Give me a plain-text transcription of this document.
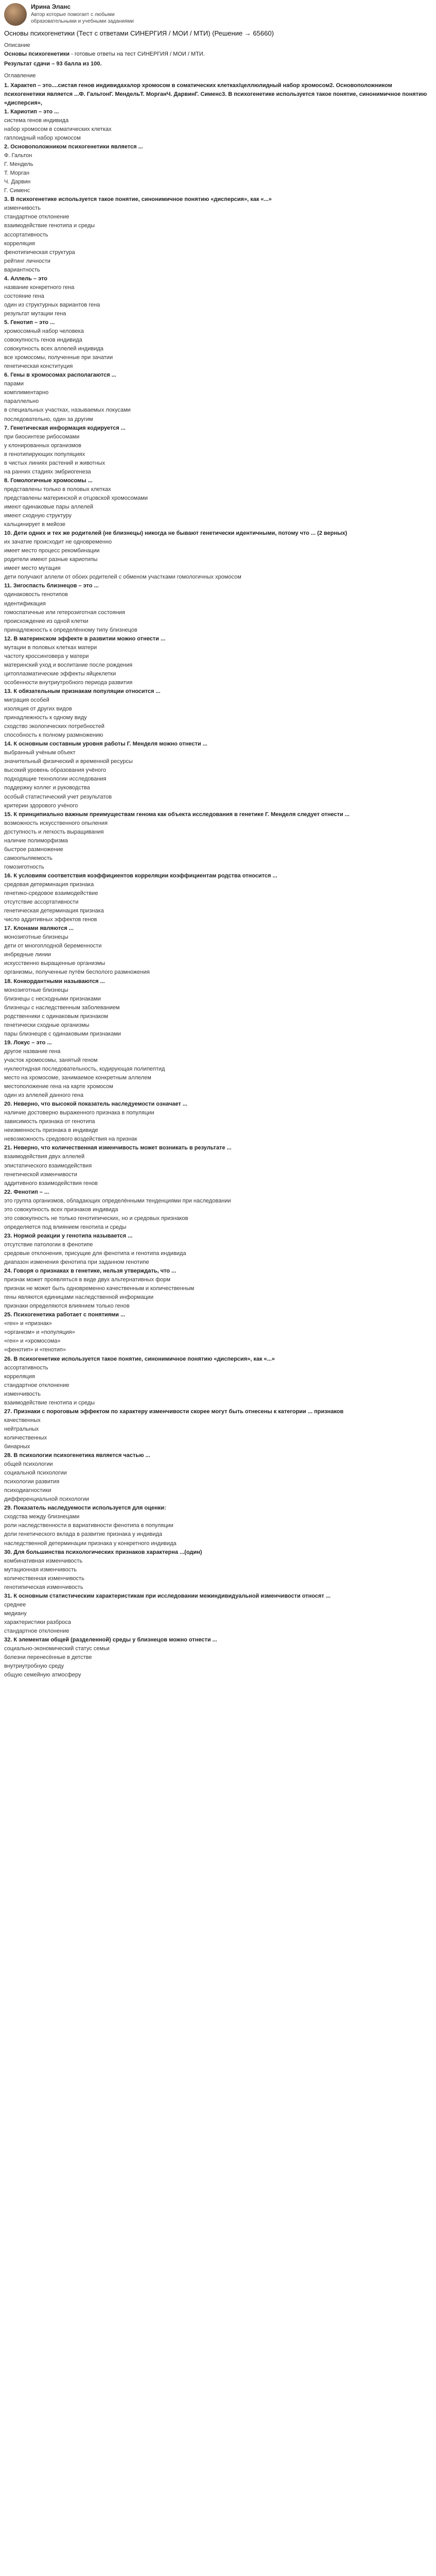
Ирина Эланс
Автор которые помогает с любыми образовательными и учебными заданиями
Основы психогенетики (Тест с ответами СИНЕРГИЯ / МОИ / МТИ) (Решение → 65660)

Описание

Основы психогенетики - готовые ответы на тест СИНЕРГИЯ / МОИ / МТИ.

Результат сдачи – 93 балла из 100.

Оглавление

1. Характеп – это....систая генов индивидахалор хромосом в соматических клетках/целлюлидный набор хромосом2. Основоположником психогенетики является ...Ф. ГальтонГ. МендельТ. МорганЧ. ДарвинГ. Сименс3. В психогенетике используется такое понятие, синонимичное понятию «дисперсия»,

1. Кариотип – это ...

система генов индивида

набор хромосом в соматических клетках

гаплоидный набор хромосом

2. Основоположником психогенетики является ...

Ф. Гальтон

Г. Мендель

Т. Морган

Ч. Дарвин

Г. Сименс

3. В психогенетике используется такое понятие, синонимичное понятию «дисперсия», как «...»

изменчивость

стандартное отклонение

взаимодействие генотипа и среды

ассортативность

корреляция

фенотипическая структура

рейтинг личности

вариантность

4. Аллель – это

название конкретного гена

состояние гена

один из структурных вариантов гена

результат мутации гена

5. Генотип – это ...

хромосомный набор человека

совокупность генов индивида

совокупность всех аллелей индивида

все хромосомы, полученные при зачатии

генетическая конституция

6. Гены в хромосомах располагаются ...

парами

комплиментарно

параллельно

в специальных участках, называемых локусами

последовательно, один за другим

7. Генетическая информация кодируется ...

при биосинтезе рибосомами

у клонированных организмов

в генотипирующих популяциях

в чистых линиях растений и животных

на ранних стадиях эмбриогенеза

8. Гомологичные хромосомы ...

представлены только в половых клетках

представлены материнской и отцовской хромосомами

имеют одинаковые пары аллелей

имеют сходную структуру

кальцинирует в мейозе

10. Дети одних и тех же родителей (не близнецы) никогда не бывают генетически идентичными, потому что ... (2 верных)

их зачатие происходит не одновременно

имеет место процесс рекомбинации

родители имеют разные кариотипы

имеет место мутация

дети получают аллели от обоих родителей с обменом участками гомологичных хромосом

11. Зигоспасть близнецов – это ...

одинаковость генотипов

идентификация

гомоспатичные или гетерозиготная состояния

происхождение из одной клетки

принадлежность к определённому типу близнецов

12. В материнском эффекте в развитии можно отнести ...

мутации в половых клетках матери

частоту кроссинговера у матери

материнский уход и воспитание после рождения

цитоплазматические эффекты яйцеклетки

особенности внутриутробного периода развития

13. К обязательным признакам популяции относится ...

миграция особей

изоляция от других видов

принадлежность к одному виду

сходство экологических потребностей

способность к полному размножению

14. К основным составным уровня работы Г. Менделя можно отнести ...

выбранный учёным объект

значительный физический и временной ресурсы

высокий уровень образования учёного

подходящие технологии исследования

поддержку коллег и руководства

особый статистический учет результатов

критерии здорового учёного

15. К принципиально важным преимуществам генома как объекта исследования в генетике Г. Менделя следует отнести ...

возможность искусственного опыления

доступность и легкость выращивания

наличие полиморфизма

быстрое размножение

самоопыляемость

гомозиготность

16. К условиям соответствия коэффициентов корреляции коэффициентам родства относится ...

средовая детерминация признака

генетико-средовое взаимодействие

отсутствие ассортативности

генетическая детерминация признака

число аддитивных эффектов генов

17. Клонами являются ...

монозиготные близнецы

дети от многоплодной беременности

инбредные линии

искусственно выращенные организмы

организмы, полученные путём бесполого размножения

18. Конкордантными называются ...

монозиготные близнецы

близнецы с несходными признаками

близнецы с наследственным заболеванием

родственники с одинаковым признаком

генетически сходные организмы

пары близнецов с одинаковыми признаками

19. Локус – это ...

другое название гена

участок хромосомы, занятый геном

нуклеотидная последовательность, кодирующая полипептид

место на хромосоме, занимаемое конкретным аллелем

местоположение гена на карте хромосом

один из аллелей данного гена

20. Неверно, что высокой показатель наследуемости означает ...

наличие достоверно выраженного признака в популяции

зависимость признака от генотипа

неизменность признака в индивиде

невозможность средового воздействия на признак

21. Неверно, что количественная изменчивость может возникать в результате ...

взаимодействия двух аллелей

эпистатического взаимодействия

генетической изменчивости

аддитивного взаимодействия генов

22. Фенотип – ...

это группа организмов, обладающих определёнными тенденциями при наследовании

это совокупность всех признаков индивида

это совокупность не только генотипических, но и средовых признаков

определяется под влиянием генотипа и среды

23. Нормой реакции у генотипа называется ...

отсутствие патологии в фенотипе

средовые отклонения, присущие для фенотипа и генотипа индивида

диапазон изменения фенотипа при заданном генотипе

24. Говоря о признаках в генетике, нельзя утверждать, что ...

признак может проявляться в виде двух альтернативных форм

признак не может быть одновременно качественным и количественным

гены являются единицами наследственной информации

признаки определяются влиянием только генов

25. Психогенетика работает с понятиями ...

«ген» и «признак»

«организм» и «популяция»

«ген» и «хромосома»

«фенотип» и «генотип»

26. В психогенетике используется такое понятие, синонимичное понятию «дисперсия», как «...»

ассортативность

корреляция

стандартное отклонение

изменчивость

взаимодействие генотипа и среды

27. Признаки с пороговым эффектом по характеру изменчивости скорее могут быть отнесены к категории ... признаков

качественных

нейтральных

количественных

бинарных

28. В психологии психогенетика является частью ...

общей психологии

социальной психологии

психологии развития

психодиагностики

дифференциальной психологии

29. Показатель наследуемости используется для оценки:

сходства между близнецами

роли наследственности в вариативности фенотипа в популяции

доли генетического вклада в развитие признака у индивида

наследственной детерминации признака у конкретного индивида

30. Для большинства психологических признаков характерна ...(один)

комбинативная изменчивость

мутационная изменчивость

количественная изменчивость

генотипическая изменчивость

31. К основным статистическим характеристикам при исследовании межиндивидуальной изменчивости относят ...

среднее

медиану

характеристики разброса

стандартное отклонение

32. К элементам общей (разделенной) среды у близнецов можно отнести ...

социально-экономический статус семьи

болезни перенесённые в детстве

внутриутробную среду

общую семейную атмосферу
